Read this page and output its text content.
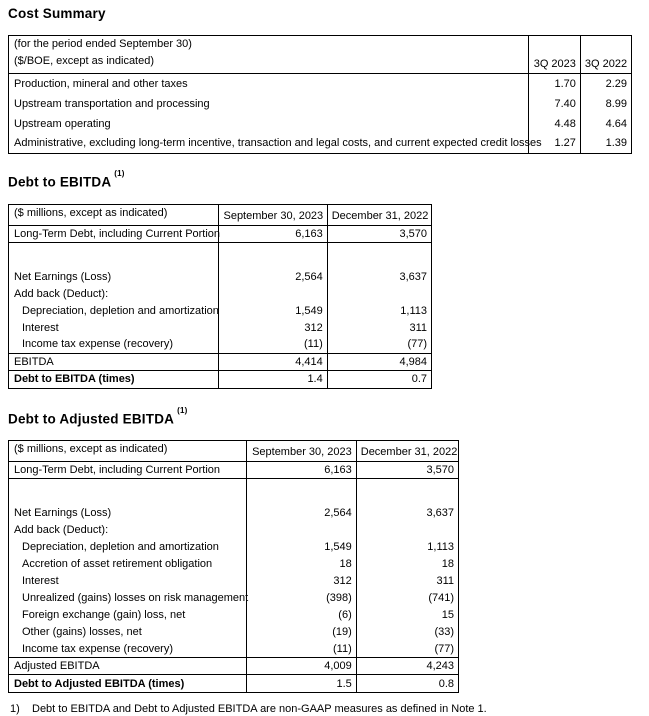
Cost Summary
(for the period ended September 30)
($/BOE, except as indicated)	3Q 2023	3Q 2022
Production, mineral and other taxes	1.70	2.29
Upstream transportation and processing	7.40	8.99
Upstream operating	4.48	4.64
Administrative, excluding long-term incentive, transaction and legal costs, and current expected credit losses	1.27	1.39
Debt to EBITDA$^{(1)}$
($ millions, except as indicated)	September 30, 2023	December 31, 2022
Long-Term Debt, including Current Portion	6,163	3,570

Net Earnings (Loss)	2,564	3,637
Add back (Deduct):		
Depreciation, depletion and amortization	1,549	1,113
Interest	312	311
Income tax expense (recovery)	(11)	(77)
EBITDA	4,414	4,984
Debt to EBITDA (times)	1.4	0.7
Debt to Adjusted EBITDA$^{(1)}$
($ millions, except as indicated)	September 30, 2023	December 31, 2022
Long-Term Debt, including Current Portion	6,163	3,570

Net Earnings (Loss)	2,564	3,637
Add back (Deduct):		
Depreciation, depletion and amortization	1,549	1,113
Accretion of asset retirement obligation	18	18
Interest	312	311
Unrealized (gains) losses on risk management	(398)	(741)
Foreign exchange (gain) loss, net	(6)	15
Other (gains) losses, net	(19)	(33)
Income tax expense (recovery)	(11)	(77)
Adjusted EBITDA	4,009	4,243
Debt to Adjusted EBITDA (times)	1.5	0.8
1)	Debt to EBITDA and Debt to Adjusted EBITDA are non-GAAP measures as defined in Note 1.
